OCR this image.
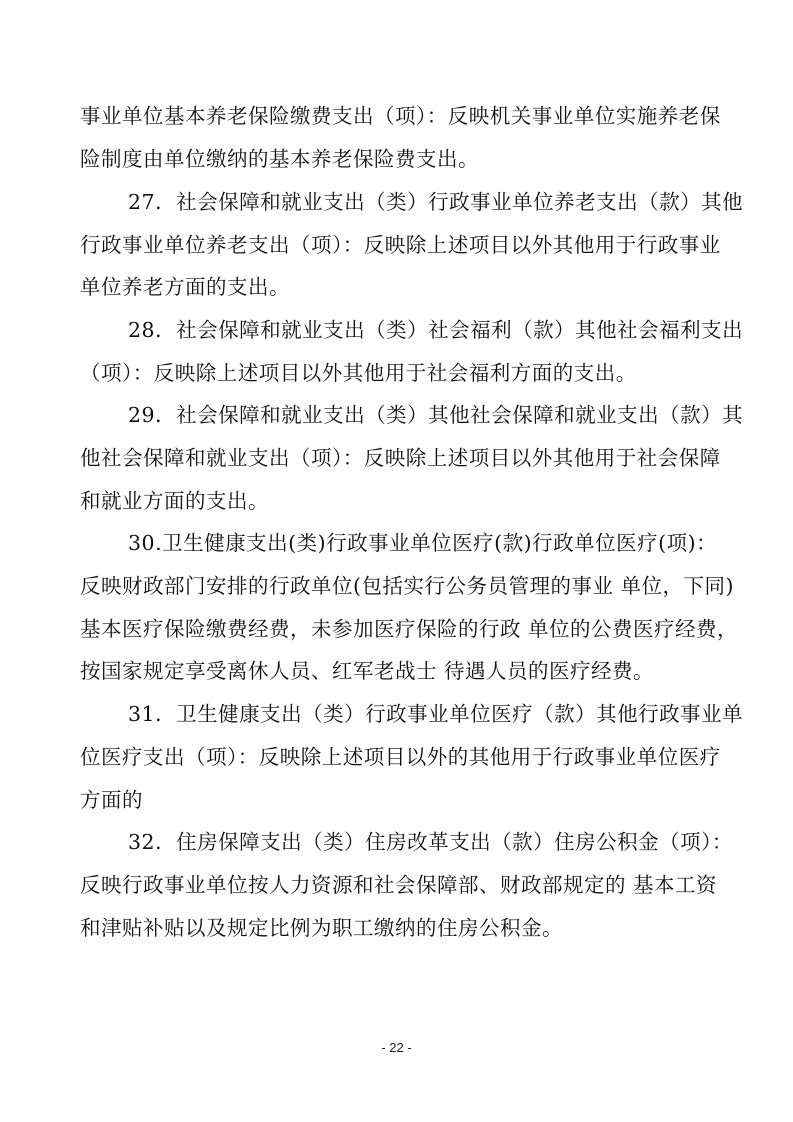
事业单位基本养老保险缴费支出（项）：反映机关事业单位实施养老保
险制度由单位缴纳的基本养老保险费支出。
27．社会保障和就业支出（类）行政事业单位养老支出（款）其他
行政事业单位养老支出（项）：反映除上述项目以外其他用于行政事业
单位养老方面的支出。
28．社会保障和就业支出（类）社会福利（款）其他社会福利支出
（项）：反映除上述项目以外其他用于社会福利方面的支出。
29．社会保障和就业支出（类）其他社会保障和就业支出（款）其
他社会保障和就业支出（项）：反映除上述项目以外其他用于社会保障
和就业方面的支出。
30.卫生健康支出(类)行政事业单位医疗(款)行政单位医疗(项)：
反映财政部门安排的行政单位(包括实行公务员管理的事业 单位，下同)
基本医疗保险缴费经费，未参加医疗保险的行政 单位的公费医疗经费，
按国家规定享受离休人员、红军老战士 待遇人员的医疗经费。
31．卫生健康支出（类）行政事业单位医疗（款）其他行政事业单
位医疗支出（项）：反映除上述项目以外的其他用于行政事业单位医疗
方面的
32．住房保障支出（类）住房改革支出（款）住房公积金（项）：
反映行政事业单位按人力资源和社会保障部、财政部规定的 基本工资
和津贴补贴以及规定比例为职工缴纳的住房公积金。
- 22 -
